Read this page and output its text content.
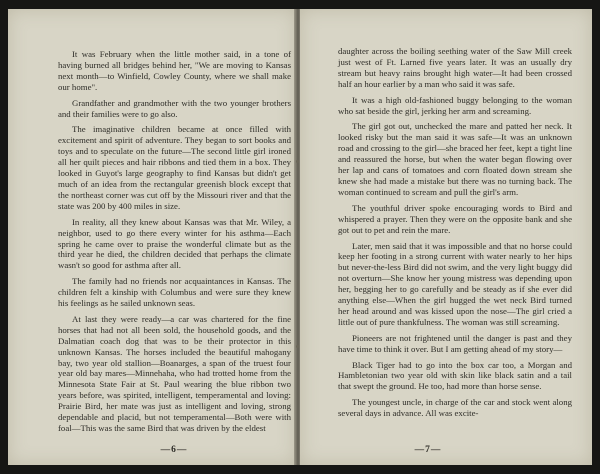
It was February when the little mother said, in a tone of having burned all bridges behind her, "We are moving to Kansas next month—to Winfield, Cowley County, where we shall make our home".

Grandfather and grandmother with the two younger brothers and their families were to go also.

The imaginative children became at once filled with excitement and spirit of adventure. They began to sort books and toys and to speculate on the future—The second little girl ironed all her quilt pieces and hair ribbons and tied them in a box. They looked in Guyot's large geography to find Kansas but didn't get much of an idea from the rectangular greenish block except that the northeast corner was cut off by the Missouri river and that the state was 200 by 400 miles in size.

In reality, all they knew about Kansas was that Mr. Wiley, a neighbor, used to go there every winter for his asthma—Each spring he came over to praise the wonderful climate but as the third year he died, the children decided that perhaps the climate wasn't so good for asthma after all.

The family had no friends nor acquaintances in Kansas. The children felt a kinship with Columbus and were sure they knew his feelings as he sailed unknown seas.

At last they were ready—a car was chartered for the fine horses that had not all been sold, the household goods, and the Dalmatian coach dog that was to be their protector in this unknown Kansas. The horses included the beautiful mahogany bay, two year old stallion—Boanarges, a span of the truest four year old bay mares—Minnehaha, who had trotted home from the Minnesota State Fair at St. Paul wearing the blue ribbon two years before, was spirited, intelligent, temperamental and loving: Prairie Bird, her mate was just as intelligent and loving, strong dependable and placid, but not temperamental—Both were with foal—This was the same Bird that was driven by the eldest

—6—

daughter across the boiling seething water of the Saw Mill creek just west of Ft. Larned five years later. It was an usually dry stream but heavy rains brought high water—It had been crossed half an hour earlier by a man who said it was safe.

It was a high old-fashioned buggy belonging to the woman who sat beside the girl, jerking her arm and screaming.

The girl got out, unchecked the mare and patted her neck. It looked risky but the man said it was safe—It was an unknown road and crossing to the girl—she braced her feet, kept a tight line and reassured the horse, but when the water began flowing over her lap and cans of tomatoes and corn floated down stream she knew she had made a mistake but there was no turning back. The woman continued to scream and pull the girl's arm.

The youthful driver spoke encouraging words to Bird and whispered a prayer. Then they were on the opposite bank and she got out to pet and rein the mare.

Later, men said that it was impossible and that no horse could keep her footing in a strong current with water nearly to her hips but never-the-less Bird did not swim, and the very light buggy did not overturn—She know her young mistress was depending upon her, begging her to go carefully and be steady as if she ever did anything else—When the girl hugged the wet neck Bird turned her head around and was kissed upon the nose—The girl cried a little out of pure thankfulness. The woman was still screaming.

Pioneers are not frightened until the danger is past and they have time to think it over. But I am getting ahead of my story—

Black Tiger had to go into the box car too, a Morgan and Hambletonian two year old with skin like black satin and a tail that swept the ground. He too, had more than horse sense.

The youngest uncle, in charge of the car and stock went along several days in advance. All was excite-

—7—
